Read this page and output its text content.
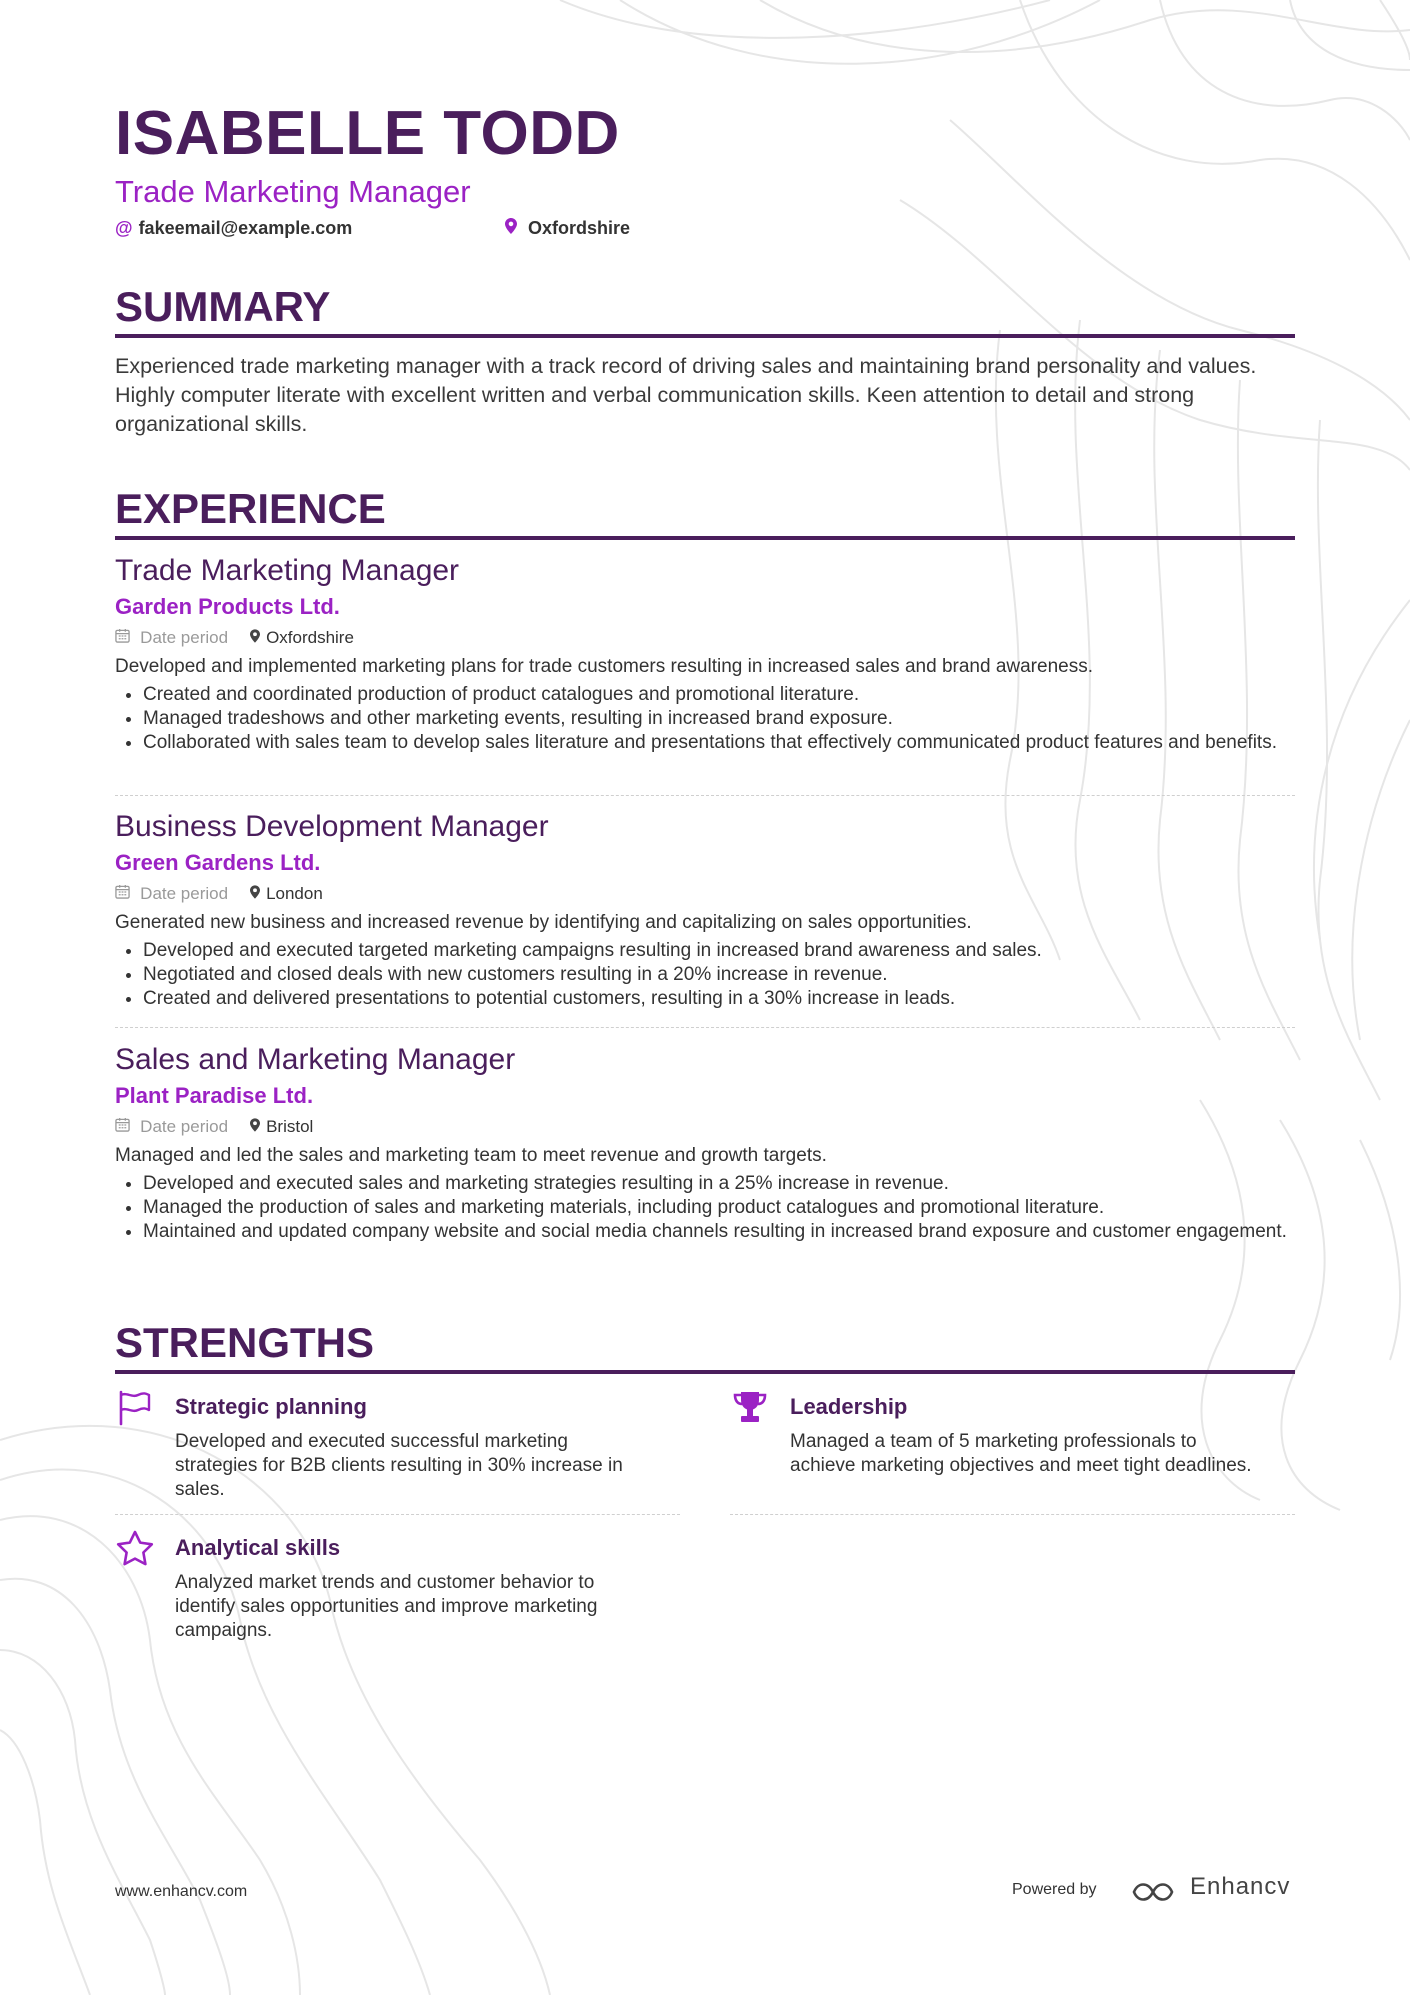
ISABELLE TODD
Trade Marketing Manager
@ fakeemail@example.com	Oxfordshire
SUMMARY
Experienced trade marketing manager with a track record of driving sales and maintaining brand personality and values. Highly computer literate with excellent written and verbal communication skills. Keen attention to detail and strong organizational skills.
EXPERIENCE
Trade Marketing Manager
Garden Products Ltd.
Date period Oxfordshire
Developed and implemented marketing plans for trade customers resulting in increased sales and brand awareness.
• Created and coordinated production of product catalogues and promotional literature.
• Managed tradeshows and other marketing events, resulting in increased brand exposure.
• Collaborated with sales team to develop sales literature and presentations that effectively communicated product features and benefits.
Business Development Manager
Green Gardens Ltd.
Date period London
Generated new business and increased revenue by identifying and capitalizing on sales opportunities.
• Developed and executed targeted marketing campaigns resulting in increased brand awareness and sales.
• Negotiated and closed deals with new customers resulting in a 20% increase in revenue.
• Created and delivered presentations to potential customers, resulting in a 30% increase in leads.
Sales and Marketing Manager
Plant Paradise Ltd.
Date period Bristol
Managed and led the sales and marketing team to meet revenue and growth targets.
• Developed and executed sales and marketing strategies resulting in a 25% increase in revenue.
• Managed the production of sales and marketing materials, including product catalogues and promotional literature.
• Maintained and updated company website and social media channels resulting in increased brand exposure and customer engagement.
STRENGTHS
Strategic planning
Developed and executed successful marketing strategies for B2B clients resulting in 30% increase in sales.
Leadership
Managed a team of 5 marketing professionals to achieve marketing objectives and meet tight deadlines.
Analytical skills
Analyzed market trends and customer behavior to identify sales opportunities and improve marketing campaigns.
www.enhancv.com	Powered by	Enhancv
